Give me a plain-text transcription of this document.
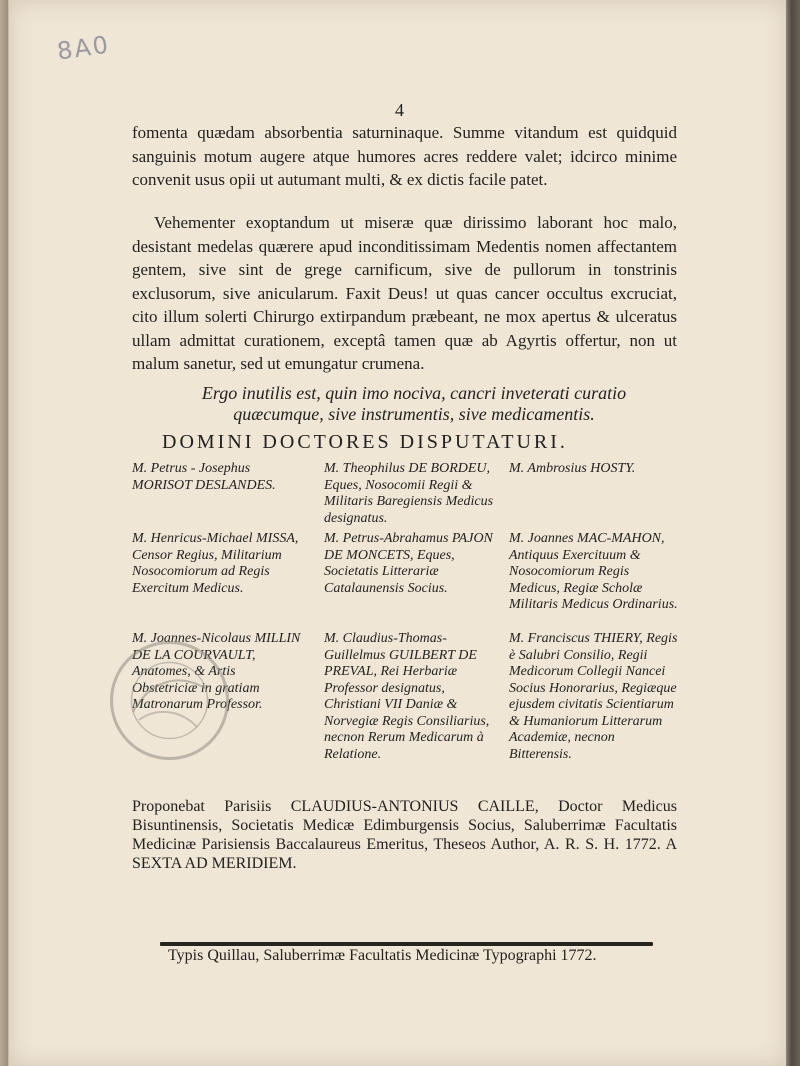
8A0
4
fomenta quædam absorbentia saturninaque. Summe vitandum est quidquid sanguinis motum augere atque humores acres reddere valet; idcirco minime convenit usus opii ut autumant multi, & ex dictis facile patet.
Vehementer exoptandum ut miseræ quæ dirissimo laborant hoc malo, desistant medelas quærere apud inconditissimam Medentis nomen affectantem gentem, sive sint de grege carnificum, sive de pullorum in tonstrinis exclusorum, sive anicularum. Faxit Deus! ut quas cancer occultus excruciat, cito illum solerti Chirurgo extirpandum præbeant, ne mox apertus & ulceratus ullam admittat curationem, exceptâ tamen quæ ab Agyrtis offertur, non ut malum sanetur, sed ut emungatur crumena.
Ergo inutilis est, quin imo nociva, cancri inveterati curatio quæcumque, sive instrumentis, sive medicamentis.
DOMINI DOCTORES DISPUTATURI.
M. Petrus - Josephus MORISOT DESLANDES.
M. Henricus-Michael MISSA, Censor Regius, Militarium Nosocomiorum ad Regis Exercitum Medicus.
M. Joannes-Nicolaus MILLIN DE LA COURVAULT, Anatomes, & Artis Obstetriciæ in gratiam Matronarum Professor.
M. Theophilus DE BORDEU, Eques, Nosocomii Regii & Militaris Baregiensis Medicus designatus.
M. Petrus-Abrahamus PAJON DE MONCETS, Eques, Societatis Litterariæ Catalaunensis Socius.
M. Claudius-Thomas-Guillelmus GUILBERT DE PREVAL, Rei Herbariæ Professor designatus, Christiani VII Daniæ & Norvegiæ Regis Consiliarius, necnon Rerum Medicarum à Relatione.
M. Ambrosius HOSTY.
M. Joannes MAC-MAHON, Antiquus Exercituum & Nosocomiorum Regis Medicus, Regiæ Scholæ Militaris Medicus Ordinarius.
M. Franciscus THIERY, Regis è Salubri Consilio, Regii Medicorum Collegii Nancei Socius Honorarius, Regiæque ejusdem civitatis Scientiarum & Humaniorum Litterarum Academiæ, necnon Bitterensis.
Proponebat Parisiis CLAUDIUS-ANTONIUS CAILLE, Doctor Medicus Bisuntinensis, Societatis Medicæ Edimburgensis Socius, Saluberrimæ Facultatis Medicinæ Parisiensis Baccalaureus Emeritus, Theseos Author, A. R. S. H. 1772. A SEXTA AD MERIDIEM.
Typis Quillau, Saluberrimæ Facultatis Medicinæ Typographi 1772.
